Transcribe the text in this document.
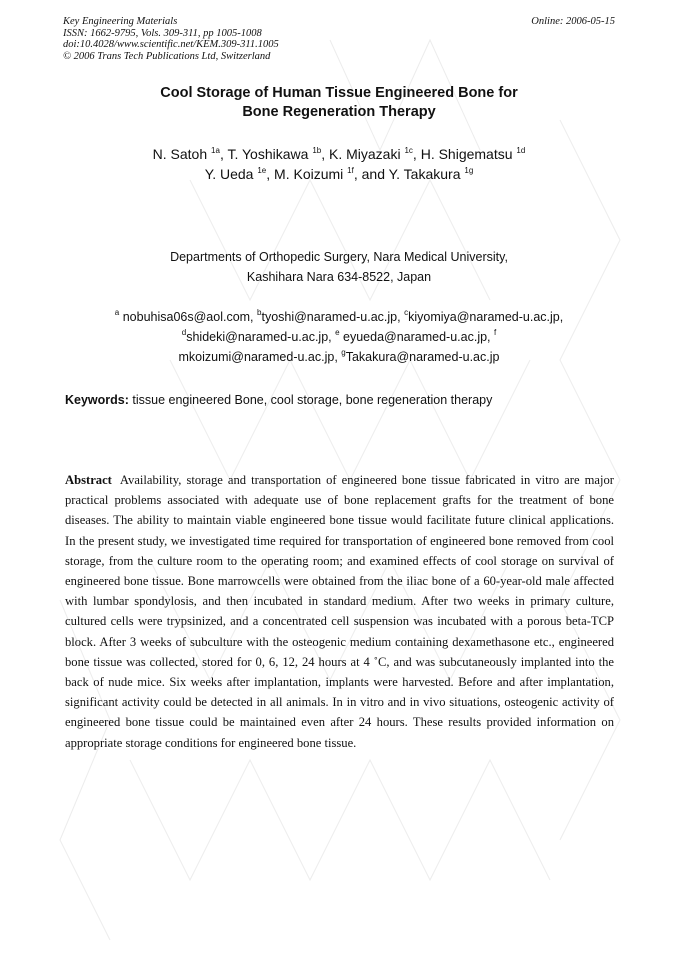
Key Engineering Materials
ISSN: 1662-9795, Vols. 309-311, pp 1005-1008
doi:10.4028/www.scientific.net/KEM.309-311.1005
© 2006 Trans Tech Publications Ltd, Switzerland
Online: 2006-05-15
Cool Storage of Human Tissue Engineered Bone for
Bone Regeneration Therapy
N. Satoh $^{1a}$, T. Yoshikawa $^{1b}$, K. Miyazaki $^{1c}$, H. Shigematsu $^{1d}$
Y. Ueda $^{1e}$, M. Koizumi $^{1f}$, and Y. Takakura $^{1g}$
Departments of Orthopedic Surgery, Nara Medical University,
Kashihara Nara 634-8522, Japan
$^a$ nobuhisa06s@aol.com, $^b$tyoshi@naramed-u.ac.jp, $^c$kiyomiya@naramed-u.ac.jp,
$^d$shideki@naramed-u.ac.jp, $^e$ eyueda@naramed-u.ac.jp, $^f$
mkoizumi@naramed-u.ac.jp, $^g$Takakura@naramed-u.ac.jp
Keywords: tissue engineered Bone, cool storage, bone regeneration therapy
Abstract Availability, storage and transportation of engineered bone tissue fabricated in vitro are major practical problems associated with adequate use of bone replacement grafts for the treatment of bone diseases. The ability to maintain viable engineered bone tissue would facilitate future clinical applications. In the present study, we investigated time required for transportation of engineered bone removed from cool storage, from the culture room to the operating room; and examined effects of cool storage on survival of engineered bone tissue. Bone marrowcells were obtained from the iliac bone of a 60-year-old male affected with lumbar spondylosis, and then incubated in standard medium. After two weeks in primary culture, cultured cells were trypsinized, and a concentrated cell suspension was incubated with a porous beta-TCP block. After 3 weeks of subculture with the osteogenic medium containing dexamethasone etc., engineered bone tissue was collected, stored for 0, 6, 12, 24 hours at 4 ˚C, and was subcutaneously implanted into the back of nude mice. Six weeks after implantation, implants were harvested. Before and after implantation, significant activity could be detected in all animals. In in vitro and in vivo situations, osteogenic activity of engineered bone tissue could be maintained even after 24 hours. These results provided information on appropriate storage conditions for engineered bone tissue.
